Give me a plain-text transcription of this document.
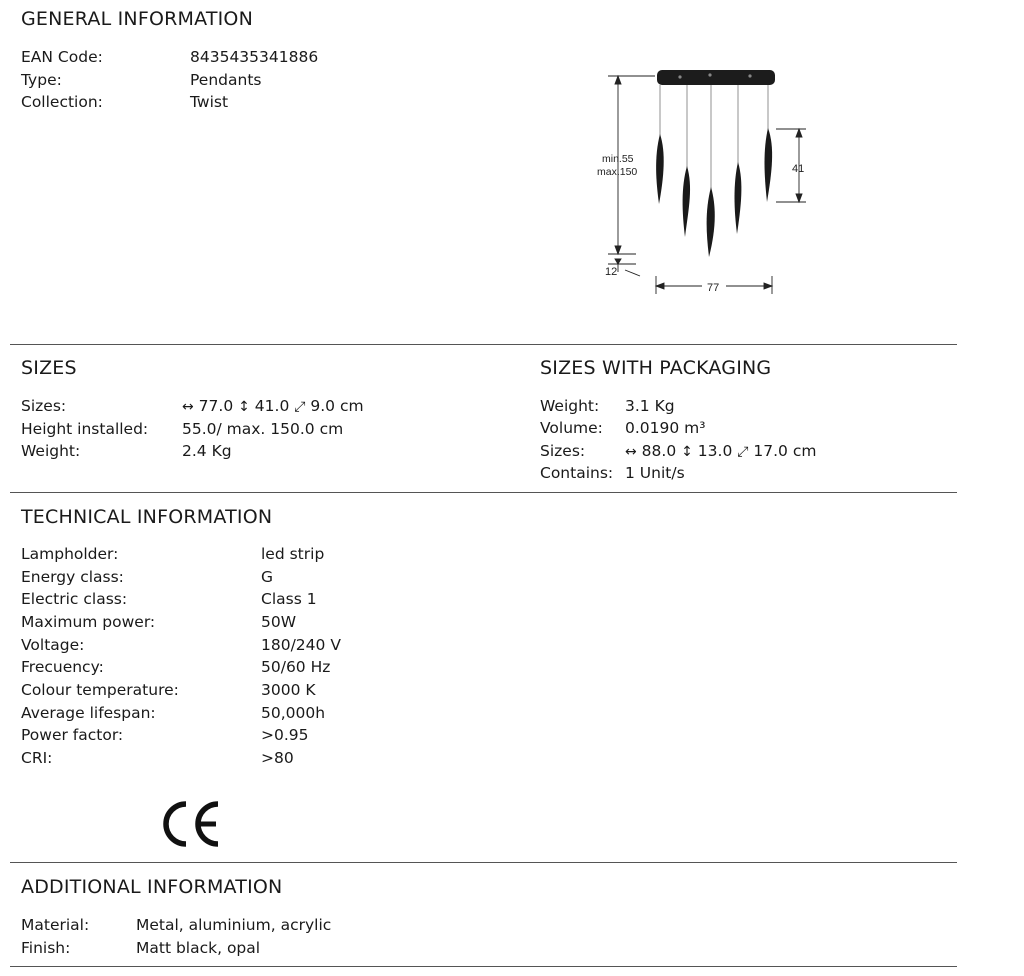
GENERAL INFORMATION
EAN Code:	8435435341886
Type:	Pendants
Collection:	Twist
min.55
max.150
12
41
77
SIZES
Sizes:	↔ 77.0 ↕ 41.0 ⤢ 9.0 cm
Height installed: 55.0/ max. 150.0 cm
Weight:	2.4 Kg
SIZES WITH PACKAGING
Weight: 3.1 Kg
Volume: 0.0190 m³
Sizes:	↔ 88.0 ↕ 13.0 ⤢ 17.0 cm
Contains: 1 Unit/s
TECHNICAL INFORMATION
Lampholder:	led strip
Energy class:	G
Electric class:	Class 1
Maximum power:	50W
Voltage:	180/240 V
Frecuency:	50/60 Hz
Colour temperature:	3000 K
Average lifespan:	50,000h
Power factor:	>0.95
CRI:	>80
ADDITIONAL INFORMATION
Material:	Metal, aluminium, acrylic
Finish:	Matt black, opal
